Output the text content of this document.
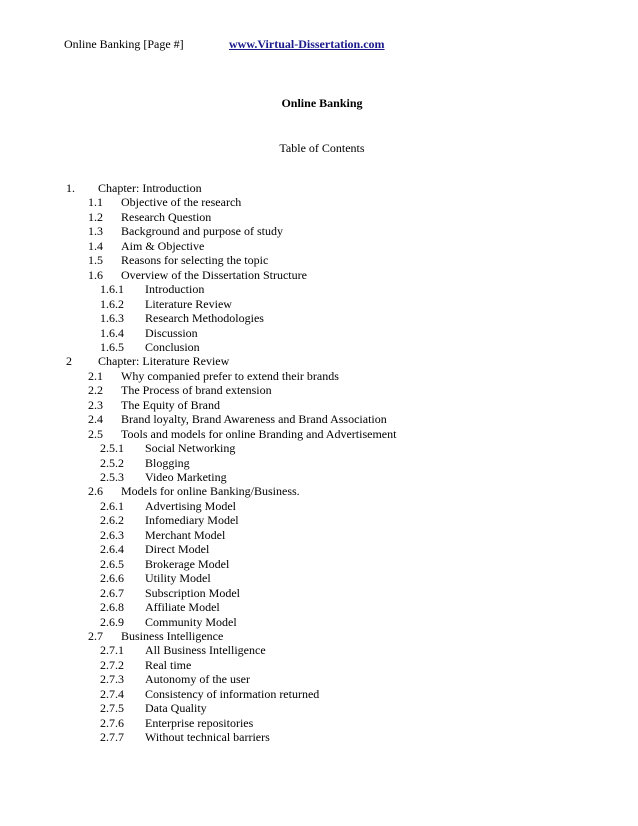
Online Banking [Page #]	www.Virtual-Dissertation.com
Online Banking
Table of Contents
1. Chapter: Introduction
1.1 Objective of the research
1.2 Research Question
1.3 Background and purpose of study
1.4 Aim & Objective
1.5 Reasons for selecting the topic
1.6 Overview of the Dissertation Structure
1.6.1 Introduction
1.6.2 Literature Review
1.6.3 Research Methodologies
1.6.4 Discussion
1.6.5 Conclusion
2 Chapter: Literature Review
2.1 Why companied prefer to extend their brands
2.2 The Process of brand extension
2.3 The Equity of Brand
2.4 Brand loyalty, Brand Awareness and Brand Association
2.5 Tools and models for online Branding and Advertisement
2.5.1 Social Networking
2.5.2 Blogging
2.5.3 Video Marketing
2.6 Models for online Banking/Business.
2.6.1 Advertising Model
2.6.2 Infomediary Model
2.6.3 Merchant Model
2.6.4 Direct Model
2.6.5 Brokerage Model
2.6.6 Utility Model
2.6.7 Subscription Model
2.6.8 Affiliate Model
2.6.9 Community Model
2.7 Business Intelligence
2.7.1 All Business Intelligence
2.7.2 Real time
2.7.3 Autonomy of the user
2.7.4 Consistency of information returned
2.7.5 Data Quality
2.7.6 Enterprise repositories
2.7.7 Without technical barriers
